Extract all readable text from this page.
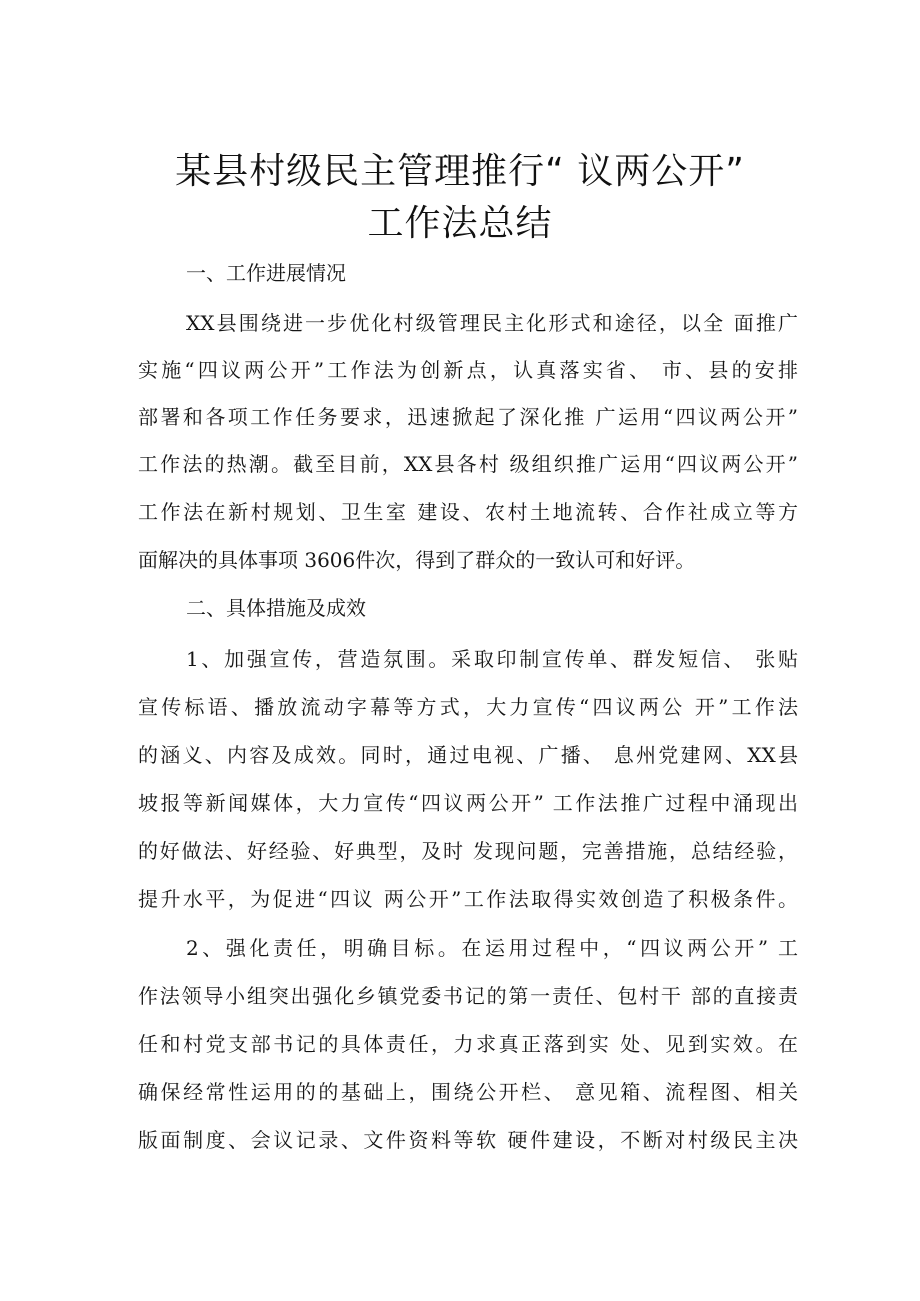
某县村级民主管理推行“ 议两公开”
工作法总结
一、工作进展情况
XX县围绕进一步优化村级管理民主化形式和途径，以全 面推广
实施“四议两公开”工作法为创新点，认真落实省、 市、县的安排
部署和各项工作任务要求，迅速掀起了深化推 广运用“四议两公开”
工作法的热潮。截至目前，XX县各村 级组织推广运用“四议两公开”
工作法在新村规划、卫生室 建设、农村土地流转、合作社成立等方
面解决的具体事项 3606件次，得到了群众的一致认可和好评。
二、具体措施及成效
1、加强宣传，营造氛围。采取印制宣传单、群发短信、 张贴
宣传标语、播放流动字幕等方式，大力宣传“四议两公 开”工作法
的涵义、内容及成效。同时，通过电视、广播、 息州党建网、XX县
坡报等新闻媒体，大力宣传“四议两公开” 工作法推广过程中涌现出
的好做法、好经验、好典型，及时 发现问题，完善措施，总结经验，
提升水平，为促进“四议 两公开”工作法取得实效创造了积极条件。
2、强化责任，明确目标。在运用过程中，“四议两公开” 工
作法领导小组突出强化乡镇党委书记的第一责任、包村干 部的直接责
任和村党支部书记的具体责任，力求真正落到实 处、见到实效。在
确保经常性运用的的基础上，围绕公开栏、 意见箱、流程图、相关
版面制度、会议记录、文件资料等软 硬件建设，不断对村级民主决
